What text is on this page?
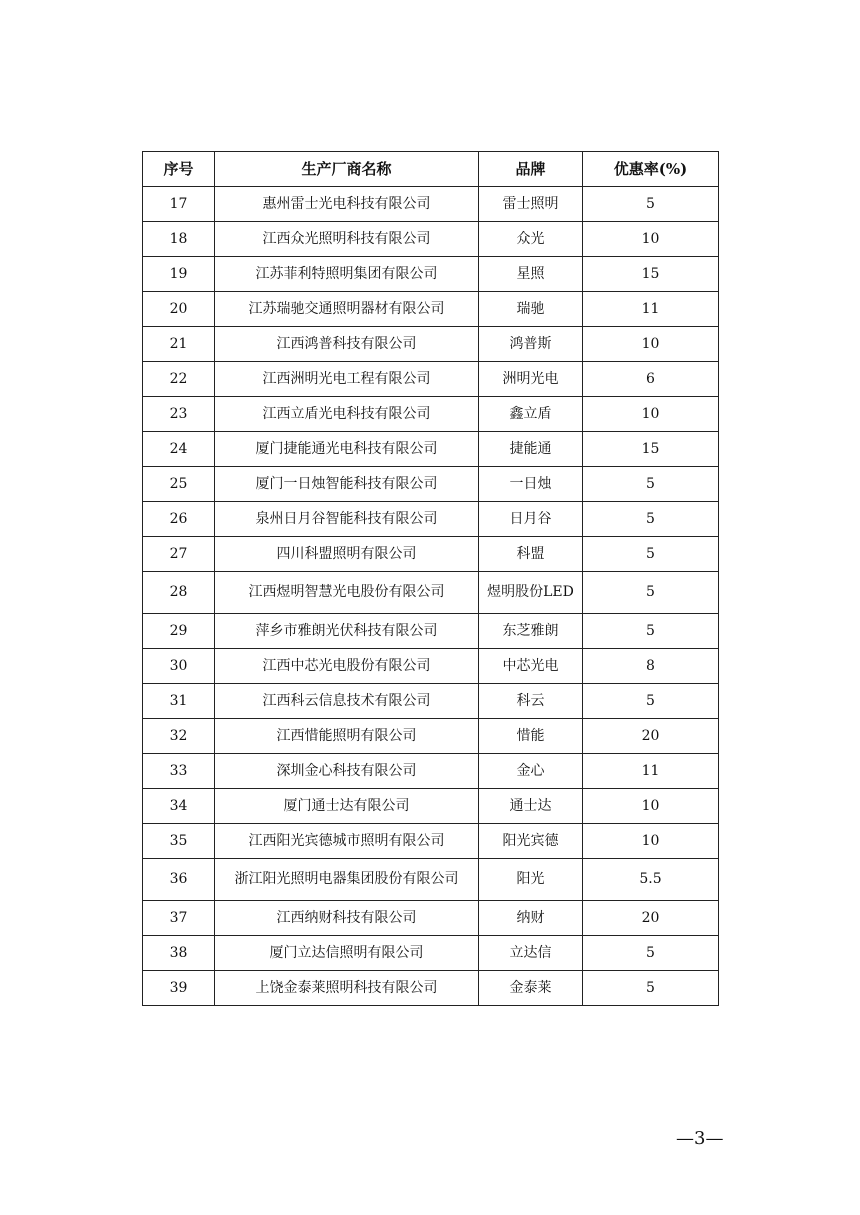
序号	生产厂商名称	品牌	优惠率(%)
17	惠州雷士光电科技有限公司	雷士照明	5
18	江西众光照明科技有限公司	众光	10
19	江苏菲利特照明集团有限公司	星照	15
20	江苏瑞驰交通照明器材有限公司	瑞驰	11
21	江西鸿普科技有限公司	鸿普斯	10
22	江西洲明光电工程有限公司	洲明光电	6
23	江西立盾光电科技有限公司	鑫立盾	10
24	厦门捷能通光电科技有限公司	捷能通	15
25	厦门一日烛智能科技有限公司	一日烛	5
26	泉州日月谷智能科技有限公司	日月谷	5
27	四川科盟照明有限公司	科盟	5
28	江西煜明智慧光电股份有限公司	煜明股份LED	5
29	萍乡市雅朗光伏科技有限公司	东芝雅朗	5
30	江西中芯光电股份有限公司	中芯光电	8
31	江西科云信息技术有限公司	科云	5
32	江西惜能照明有限公司	惜能	20
33	深圳金心科技有限公司	金心	11
34	厦门通士达有限公司	通士达	10
35	江西阳光宾德城市照明有限公司	阳光宾德	10
36	浙江阳光照明电器集团股份有限公司	阳光	5.5
37	江西纳财科技有限公司	纳财	20
38	厦门立达信照明有限公司	立达信	5
39	上饶金泰莱照明科技有限公司	金泰莱	5
—3—
